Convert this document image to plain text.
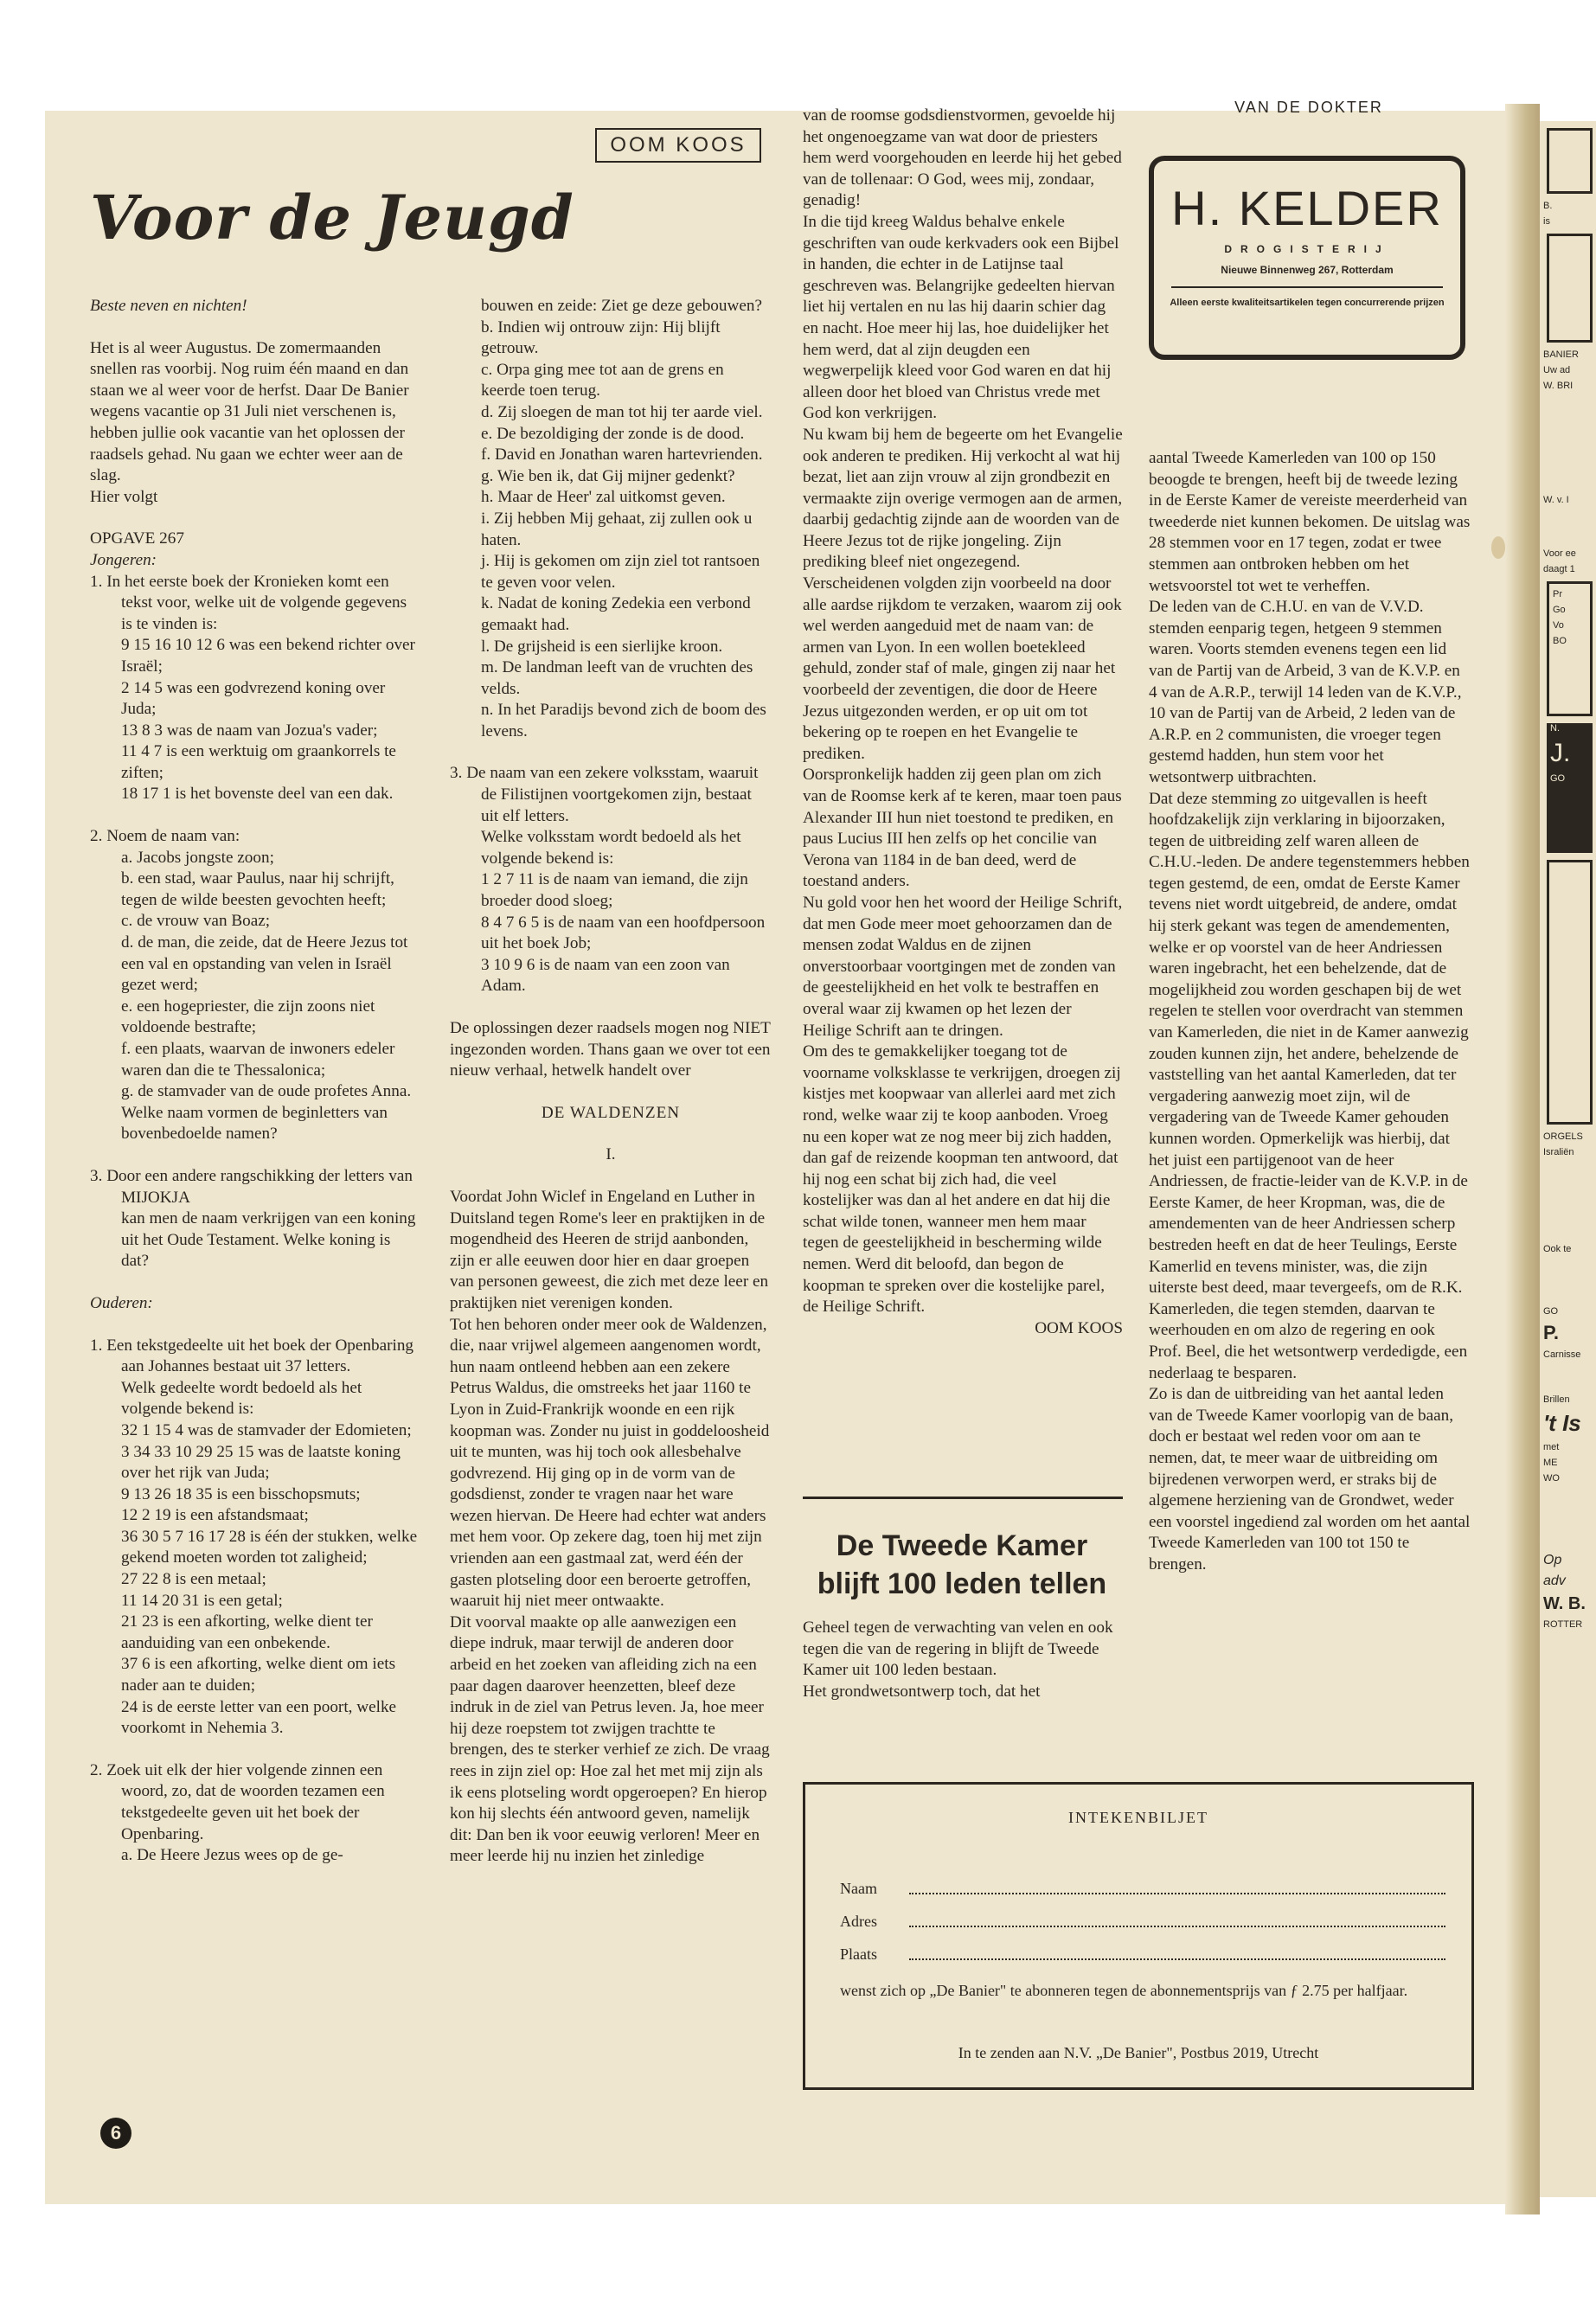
B.
is
BANIER
Uw ad
W. BRI
W. v. I
Voor ee
daagt 1
Pr
Go
Vo
BO
N.
J.
GO
ORGELS
Israliën
Ook te
GO
P.
Carnisse
Brillen
't Is
met
ME
WO
Op
adv
W. B.
ROTTER
OOM KOOS
Voor de Jeugd

Beste neven en nichten!

Het is al weer Augustus. De zomermaanden snellen ras voorbij. Nog ruim één maand en dan staan we al weer voor de herfst. Daar De Banier wegens vacantie op 31 Juli niet verschenen is, hebben jullie ook vacantie van het oplossen der raadsels gehad. Nu gaan we echter weer aan de slag.

Hier volgt

OPGAVE 267

Jongeren:

1. In het eerste boek der Kronieken komt een tekst voor, welke uit de volgende gegevens is te vinden is:

9 15 16 10 12 6 was een bekend richter over Israël;

2 14 5 was een godvrezend koning over Juda;

13 8 3 was de naam van Jozua's vader;

11 4 7 is een werktuig om graankorrels te ziften;

18 17 1 is het bovenste deel van een dak.

2. Noem de naam van:

a. Jacobs jongste zoon;

b. een stad, waar Paulus, naar hij schrijft, tegen de wilde beesten gevochten heeft;

c. de vrouw van Boaz;

d. de man, die zeide, dat de Heere Jezus tot een val en opstanding van velen in Israël gezet werd;

e. een hogepriester, die zijn zoons niet voldoende bestrafte;

f. een plaats, waarvan de inwoners edeler waren dan die te Thessalonica;

g. de stamvader van de oude profetes Anna.

Welke naam vormen de beginletters van bovenbedoelde namen?

3. Door een andere rangschikking der letters van

MIJOKJA

kan men de naam verkrijgen van een koning uit het Oude Testament. Welke koning is dat?

Ouderen:

1. Een tekstgedeelte uit het boek der Openbaring aan Johannes bestaat uit 37 letters.

Welk gedeelte wordt bedoeld als het volgende bekend is:

32 1 15 4 was de stamvader der Edomieten;

3 34 33 10 29 25 15 was de laatste koning over het rijk van Juda;

9 13 26 18 35 is een bisschopsmuts;

12 2 19 is een afstandsmaat;

36 30 5 7 16 17 28 is één der stukken, welke gekend moeten worden tot zaligheid;

27 22 8 is een metaal;

11 14 20 31 is een getal;

21 23 is een afkorting, welke dient ter aanduiding van een onbekende.

37 6 is een afkorting, welke dient om iets nader aan te duiden;

24 is de eerste letter van een poort, welke voorkomt in Nehemia 3.

2. Zoek uit elk der hier volgende zinnen een woord, zo, dat de woorden tezamen een tekstgedeelte geven uit het boek der Openbaring.

a. De Heere Jezus wees op de ge-

bouwen en zeide: Ziet ge deze gebouwen?

b. Indien wij ontrouw zijn: Hij blijft getrouw.

c. Orpa ging mee tot aan de grens en keerde toen terug.

d. Zij sloegen de man tot hij ter aarde viel.

e. De bezoldiging der zonde is de dood.

f. David en Jonathan waren hartevrienden.

g. Wie ben ik, dat Gij mijner gedenkt?

h. Maar de Heer' zal uitkomst geven.

i. Zij hebben Mij gehaat, zij zullen ook u haten.

j. Hij is gekomen om zijn ziel tot rantsoen te geven voor velen.

k. Nadat de koning Zedekia een verbond gemaakt had.

l. De grijsheid is een sierlijke kroon.

m. De landman leeft van de vruchten des velds.

n. In het Paradijs bevond zich de boom des levens.

3. De naam van een zekere volksstam, waaruit de Filistijnen voortgekomen zijn, bestaat uit elf letters.

Welke volksstam wordt bedoeld als het volgende bekend is:

1 2 7 11 is de naam van iemand, die zijn broeder dood sloeg;

8 4 7 6 5 is de naam van een hoofdpersoon uit het boek Job;

3 10 9 6 is de naam van een zoon van Adam.

De oplossingen dezer raadsels mogen nog NIET ingezonden worden. Thans gaan we over tot een nieuw verhaal, hetwelk handelt over

DE WALDENZEN

I.

Voordat John Wiclef in Engeland en Luther in Duitsland tegen Rome's leer en praktijken in de mogendheid des Heeren de strijd aanbonden, zijn er alle eeuwen door hier en daar groepen van personen geweest, die zich met deze leer en praktijken niet verenigen konden.

Tot hen behoren onder meer ook de Waldenzen, die, naar vrijwel algemeen aangenomen wordt, hun naam ontleend hebben aan een zekere Petrus Waldus, die omstreeks het jaar 1160 te Lyon in Zuid-Frankrijk woonde en een rijk koopman was. Zonder nu juist in goddeloosheid uit te munten, was hij toch ook allesbehalve godvrezend. Hij ging op in de vorm van de godsdienst, zonder te vragen naar het ware wezen hiervan. De Heere had echter wat anders met hem voor. Op zekere dag, toen hij met zijn vrienden aan een gastmaal zat, werd één der gasten plotseling door een beroerte getroffen, waaruit hij niet meer ontwaakte.

Dit voorval maakte op alle aanwezigen een diepe indruk, maar terwijl de anderen door arbeid en het zoeken van afleiding zich na een paar dagen daarover heenzetten, bleef deze indruk in de ziel van Petrus leven. Ja, hoe meer hij deze roepstem tot zwijgen trachtte te brengen, des te sterker verhief ze zich. De vraag rees in zijn ziel op: Hoe zal het met mij zijn als ik eens plotseling wordt opgeroepen? En hierop kon hij slechts één antwoord geven, namelijk dit: Dan ben ik voor eeuwig verloren! Meer en meer leerde hij nu inzien het zinledige

van de roomse godsdienstvormen, gevoelde hij het ongenoegzame van wat door de priesters hem werd voorgehouden en leerde hij het gebed van de tollenaar: O God, wees mij, zondaar, genadig!

In die tijd kreeg Waldus behalve enkele geschriften van oude kerkvaders ook een Bijbel in handen, die echter in de Latijnse taal geschreven was. Belangrijke gedeelten hiervan liet hij vertalen en nu las hij daarin schier dag en nacht. Hoe meer hij las, hoe duidelijker het hem werd, dat al zijn deugden een wegwerpelijk kleed voor God waren en dat hij alleen door het bloed van Christus vrede met God kon verkrijgen.

Nu kwam bij hem de begeerte om het Evangelie ook anderen te prediken. Hij verkocht al wat hij bezat, liet aan zijn vrouw al zijn grondbezit en vermaakte zijn overige vermogen aan de armen, daarbij gedachtig zijnde aan de woorden van de Heere Jezus tot de rijke jongeling. Zijn prediking bleef niet ongezegend.

Verscheidenen volgden zijn voorbeeld na door alle aardse rijkdom te verzaken, waarom zij ook wel werden aangeduid met de naam van: de armen van Lyon. In een wollen boetekleed gehuld, zonder staf of male, gingen zij naar het voorbeeld der zeventigen, die door de Heere Jezus uitgezonden werden, er op uit om tot bekering op te roepen en het Evangelie te prediken.

Oorspronkelijk hadden zij geen plan om zich van de Roomse kerk af te keren, maar toen paus Alexander III hun niet toestond te prediken, en paus Lucius III hen zelfs op het concilie van Verona van 1184 in de ban deed, werd de toestand anders.

Nu gold voor hen het woord der Heilige Schrift, dat men Gode meer moet gehoorzamen dan de mensen zodat Waldus en de zijnen onverstoorbaar voortgingen met de zonden van de geestelijkheid en het volk te bestraffen en overal waar zij kwamen op het lezen der Heilige Schrift aan te dringen.

Om des te gemakkelijker toegang tot de voorname volksklasse te verkrijgen, droegen zij kistjes met koopwaar van allerlei aard met zich rond, welke waar zij te koop aanboden. Vroeg nu een koper wat ze nog meer bij zich hadden, dan gaf de reizende koopman ten antwoord, dat hij nog een schat bij zich had, die veel kostelijker was dan al het andere en dat hij die schat wilde tonen, wanneer men hem maar tegen de geestelijkheid in bescherming wilde nemen. Werd dit beloofd, dan begon de koopman te spreken over die kostelijke parel, de Heilige Schrift.

OOM KOOS

De Tweede Kamer blijft 100 leden tellen

Geheel tegen de verwachting van velen en ook tegen die van de regering in blijft de Tweede Kamer uit 100 leden bestaan.

Het grondwetsontwerp toch, dat het

VAN DE DOKTER
H. KELDER
DROGISTERIJ
Nieuwe Binnenweg 267, Rotterdam
Alleen eerste kwaliteitsartikelen tegen concurrerende prijzen

aantal Tweede Kamerleden van 100 op 150 beoogde te brengen, heeft bij de tweede lezing in de Eerste Kamer de vereiste meerderheid van tweederde niet kunnen bekomen. De uitslag was 28 stemmen voor en 17 tegen, zodat er twee stemmen aan ontbroken hebben om het wetsvoorstel tot wet te verheffen.

De leden van de C.H.U. en van de V.V.D. stemden eenparig tegen, hetgeen 9 stemmen waren. Voorts stemden evenens tegen een lid van de Partij van de Arbeid, 3 van de K.V.P. en 4 van de A.R.P., terwijl 14 leden van de K.V.P., 10 van de Partij van de Arbeid, 2 leden van de A.R.P. en 2 communisten, die vroeger tegen gestemd hadden, hun stem voor het wetsontwerp uitbrachten.

Dat deze stemming zo uitgevallen is heeft hoofdzakelijk zijn verklaring in bijoorzaken, tegen de uitbreiding zelf waren alleen de C.H.U.-leden. De andere tegenstemmers hebben tegen gestemd, de een, omdat de Eerste Kamer tevens niet wordt uitgebreid, de andere, omdat hij sterk gekant was tegen de amendementen, welke er op voorstel van de heer Andriessen waren ingebracht, het een behelzende, dat de mogelijkheid zou worden geschapen bij de wet regelen te stellen voor overdracht van stemmen van Kamerleden, die niet in de Kamer aanwezig zouden kunnen zijn, het andere, behelzende de vaststelling van het aantal Kamerleden, dat ter vergadering aanwezig moet zijn, wil de vergadering van de Tweede Kamer gehouden kunnen worden. Opmerkelijk was hierbij, dat het juist een partijgenoot van de heer Andriessen, de fractie-leider van de K.V.P. in de Eerste Kamer, de heer Kropman, was, die de amendementen van de heer Andriessen scherp bestreden heeft en dat de heer Teulings, Eerste Kamerlid en tevens minister, was, die zijn uiterste best deed, maar tevergeefs, om de R.K. Kamerleden, die tegen stemden, daarvan te weerhouden en om alzo de regering en ook Prof. Beel, die het wetsontwerp verdedigde, een nederlaag te besparen.

Zo is dan de uitbreiding van het aantal leden van de Tweede Kamer voorlopig van de baan, doch er bestaat wel reden voor om aan te nemen, dat, te meer waar de uitbreiding om bijredenen verworpen werd, er straks bij de algemene herziening van de Grondwet, weder een voorstel ingediend zal worden om het aantal Tweede Kamerleden van 100 tot 150 te brengen.

INTEKENBILJET
Naam
Adres
Plaats
wenst zich op „De Banier" te abonneren tegen de abonnementsprijs van ƒ 2.75 per halfjaar.
In te zenden aan N.V. „De Banier", Postbus 2019, Utrecht
6
